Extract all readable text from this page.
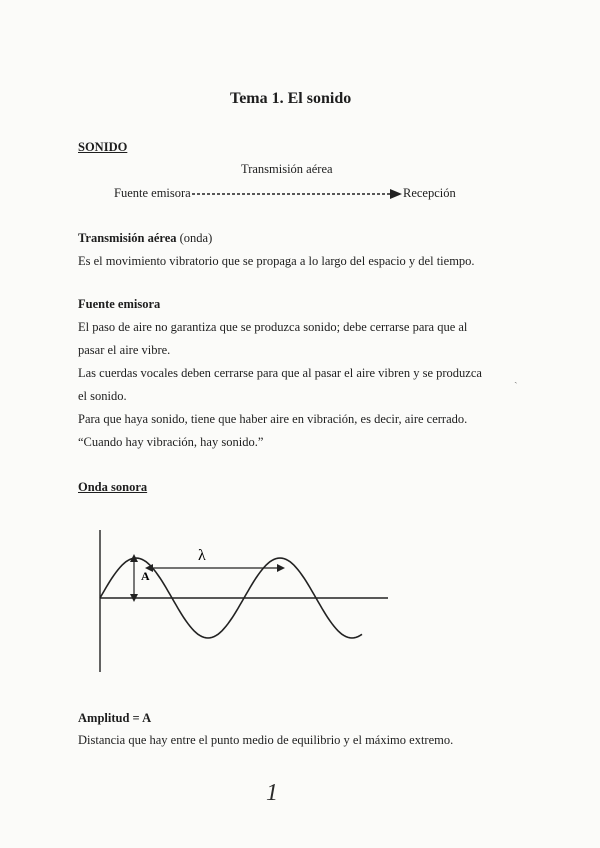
Tema 1. El sonido
SONIDO
Transmisión aérea
Fuente emisora	Recepción
Transmisión aérea (onda)
Es el movimiento vibratorio que se propaga a lo largo del espacio y del tiempo.
Fuente emisora
El paso de aire no garantiza que se produzca sonido; debe cerrarse para que al
pasar el aire vibre.
Las cuerdas vocales deben cerrarse para que al pasar el aire vibren y se produzca
el sonido.
Para que haya sonido, tiene que haber aire en vibración, es decir, aire cerrado.
“Cuando hay vibración, hay sonido.”
ˎ
Onda sonora
A
λ
Amplitud = A
Distancia que hay entre el punto medio de equilibrio y el máximo extremo.
1
